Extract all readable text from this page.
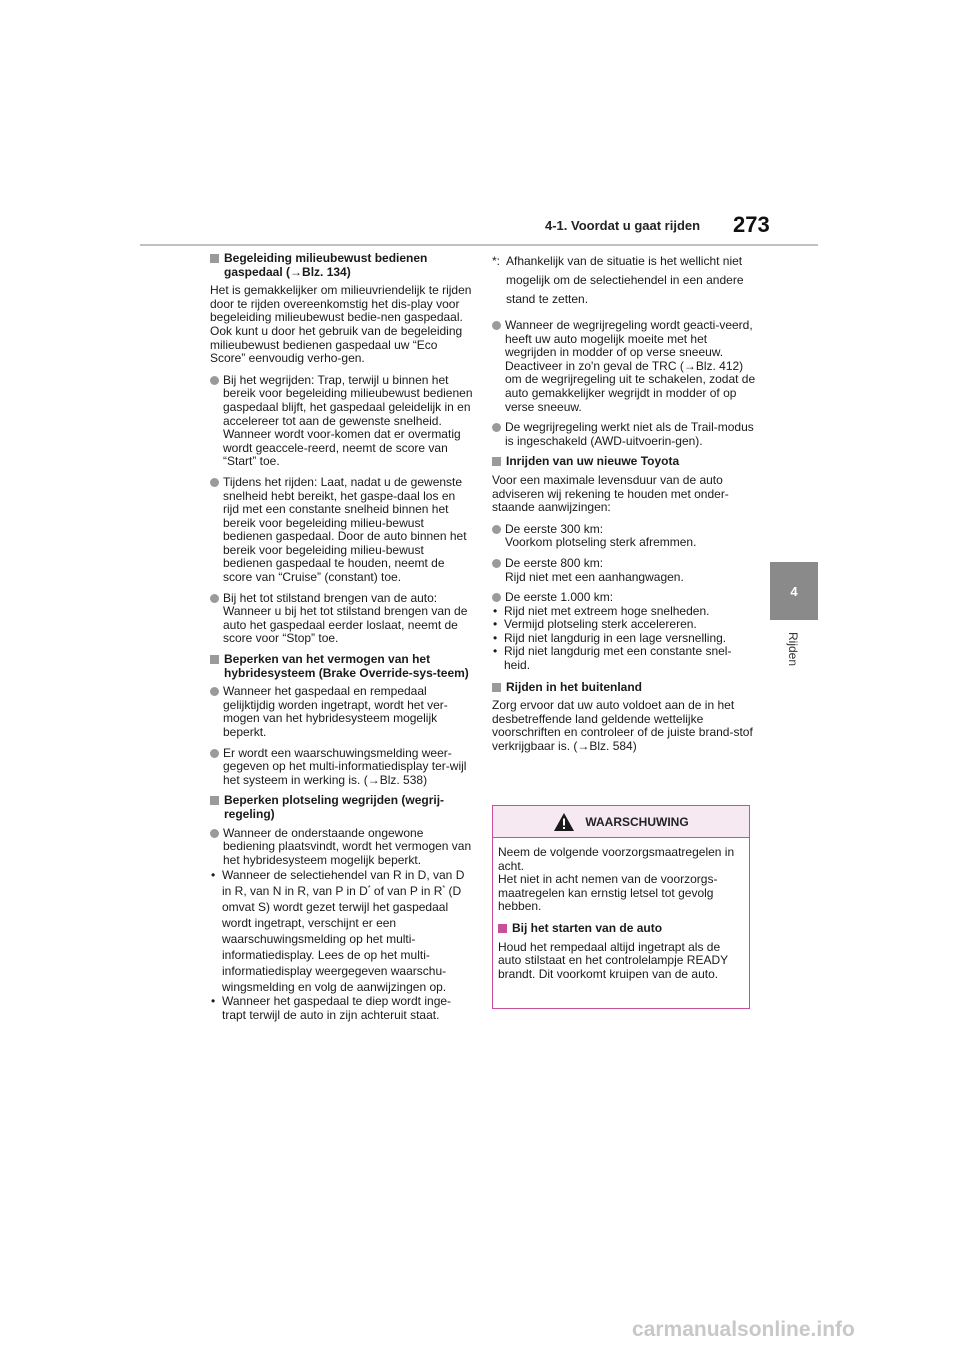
4-1. Voordat u gaat rijden 273
4
Rijden
Begeleiding milieubewust bedienen gaspedaal (→Blz. 134)

Het is gemakkelijker om milieuvriendelijk te rijden door te rijden overeenkomstig het dis-play voor begeleiding milieubewust bedie-nen gaspedaal. Ook kunt u door het gebruik van de begeleiding milieubewust bedienen gaspedaal uw “Eco Score” eenvoudig verho-gen.

Bij het wegrijden: Trap, terwijl u binnen het bereik voor begeleiding milieubewust bedienen gaspedaal blijft, het gaspedaal geleidelijk in en accelereer tot aan de gewenste snelheid. Wanneer wordt voor-komen dat er overmatig wordt geaccele-reerd, neemt de score van “Start” toe.
Tijdens het rijden: Laat, nadat u de gewenste snelheid hebt bereikt, het gaspe-daal los en rijd met een constante snelheid binnen het bereik voor begeleiding milieu-bewust bedienen gaspedaal. Door de auto binnen het bereik voor begeleiding milieu-bewust bedienen gaspedaal te houden, neemt de score van “Cruise” (constant) toe.
Bij het tot stilstand brengen van de auto: Wanneer u bij het tot stilstand brengen van de auto het gaspedaal eerder loslaat, neemt de score voor “Stop” toe.
Beperken van het vermogen van het hybridesysteem (Brake Override-sys-teem)
Wanneer het gaspedaal en rempedaal gelijktijdig worden ingetrapt, wordt het ver-mogen van het hybridesysteem mogelijk beperkt.
Er wordt een waarschuwingsmelding weer-gegeven op het multi-informatiedisplay ter-wijl het systeem in werking is. (→Blz. 538)
Beperken plotseling wegrijden (wegrij-regeling)
Wanneer de onderstaande ongewone bediening plaatsvindt, wordt het vermogen van het hybridesysteem mogelijk beperkt.
• Wanneer de selectiehendel van R in D, van D in R, van N in R, van P in D* of van P in R* (D omvat S) wordt gezet terwijl het gaspedaal wordt ingetrapt, verschijnt er een waarschuwingsmelding op het multi-informatiedisplay. Lees de op het multi-informatiedisplay weergegeven waarschu-wingsmelding en volg de aanwijzingen op.
• Wanneer het gaspedaal te diep wordt inge-trapt terwijl de auto in zijn achteruit staat.
*: Afhankelijk van de situatie is het wellicht niet mogelijk om de selectiehendel in een andere stand te zetten.
Wanneer de wegrijregeling wordt geacti-veerd, heeft uw auto mogelijk moeite met het wegrijden in modder of op verse sneeuw. Deactiveer in zo'n geval de TRC (→Blz. 412) om de wegrijregeling uit te schakelen, zodat de auto gemakkelijker wegrijdt in modder of op verse sneeuw.
De wegrijregeling werkt niet als de Trail-modus is ingeschakeld (AWD-uitvoerin-gen).
Inrijden van uw nieuwe Toyota

Voor een maximale levensduur van de auto adviseren wij rekening te houden met onder-staande aanwijzingen:

De eerste 300 km:
Voorkom plotseling sterk afremmen.
De eerste 800 km:
Rijd niet met een aanhangwagen.
De eerste 1.000 km:
• Rijd niet met extreem hoge snelheden.
• Vermijd plotseling sterk accelereren.
• Rijd niet langdurig in een lage versnelling.
• Rijd niet langdurig met een constante snel-heid.
Rijden in het buitenland

Zorg ervoor dat uw auto voldoet aan de in het desbetreffende land geldende wettelijke voorschriften en controleer of de juiste brand-stof verkrijgbaar is. (→Blz. 584)

WAARSCHUWING

Neem de volgende voorzorgsmaatregelen in acht.
Het niet in acht nemen van de voorzorgs-maatregelen kan ernstig letsel tot gevolg hebben.

Bij het starten van de auto

Houd het rempedaal altijd ingetrapt als de auto stilstaat en het controlelampje READY brandt. Dit voorkomt kruipen van de auto.

carmanualsonline.info
